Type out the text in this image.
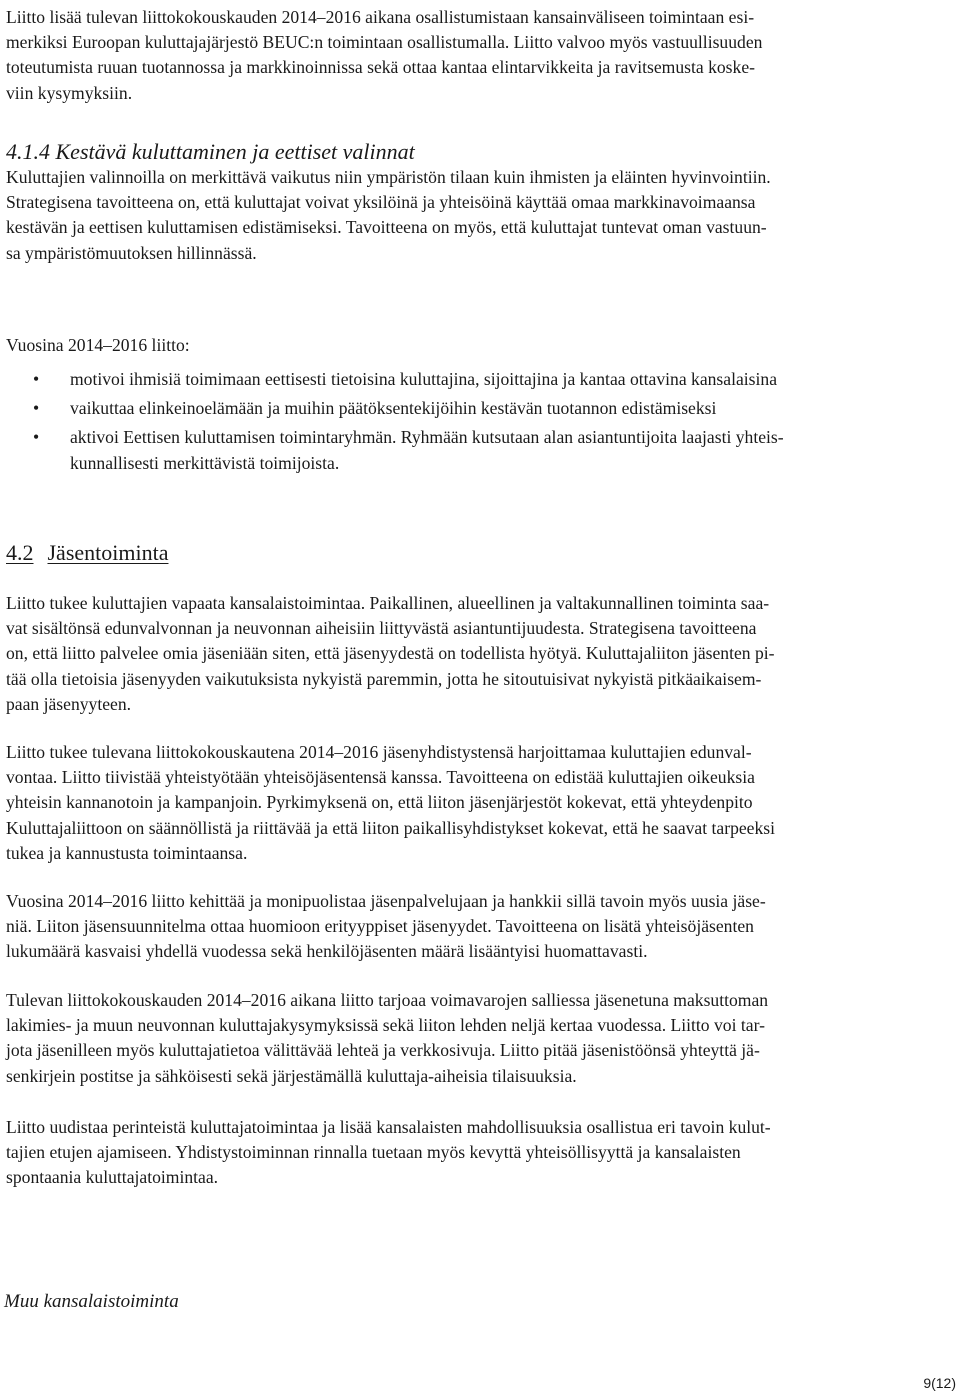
Liitto lisää tulevan liittokokouskauden 2014–2016 aikana osallistumistaan kansainväliseen toimintaan esi-

merkiksi Euroopan kuluttajajärjestö BEUC:n toimintaan osallistumalla. Liitto valvoo myös vastuullisuuden

toteutumista ruuan tuotannossa ja markkinoinnissa sekä ottaa kantaa elintarvikkeita ja ravitsemusta koske-

viin kysymyksiin.

4.1.4 Kestävä kuluttaminen ja eettiset valinnat

Kuluttajien valinnoilla on merkittävä vaikutus niin ympäristön tilaan kuin ihmisten ja eläinten hyvinvointiin.

Strategisena tavoitteena on, että kuluttajat voivat yksilöinä ja yhteisöinä käyttää omaa markkinavoimaansa

kestävän ja eettisen kuluttamisen edistämiseksi. Tavoitteena on myös, että kuluttajat tuntevat oman vastuun-

sa ympäristömuutoksen hillinnässä.

Vuosina 2014–2016 liitto:

• motivoi ihmisiä toimimaan eettisesti tietoisina kuluttajina, sijoittajina ja kantaa ottavina kansalaisina

• vaikuttaa elinkeinoelämään ja muihin päätöksentekijöihin kestävän tuotannon edistämiseksi

• aktivoi Eettisen kuluttamisen toimintaryhmän. Ryhmään kutsutaan alan asiantuntijoita laajasti yhteis-

kunnallisesti merkittävistä toimijoista.

4.2 Jäsentoiminta

Liitto tukee kuluttajien vapaata kansalaistoimintaa. Paikallinen, alueellinen ja valtakunnallinen toiminta saa-

vat sisältönsä edunvalvonnan ja neuvonnan aiheisiin liittyvästä asiantuntijuudesta. Strategisena tavoitteena

on, että liitto palvelee omia jäseniään siten, että jäsenyydestä on todellista hyötyä. Kuluttajaliiton jäsenten pi-

tää olla tietoisia jäsenyyden vaikutuksista nykyistä paremmin, jotta he sitoutuisivat nykyistä pitkäaikaisem-

paan jäsenyyteen.

Liitto tukee tulevana liittokokouskautena 2014–2016 jäsenyhdistystensä harjoittamaa kuluttajien edunval-

vontaa. Liitto tiivistää yhteistyötään yhteisöjäsentensä kanssa. Tavoitteena on edistää kuluttajien oikeuksia

yhteisin kannanotoin ja kampanjoin. Pyrkimyksenä on, että liiton jäsenjärjestöt kokevat, että yhteydenpito

Kuluttajaliittoon on säännöllistä ja riittävää ja että liiton paikallisyhdistykset kokevat, että he saavat tarpeeksi

tukea ja kannustusta toimintaansa.

Vuosina 2014–2016 liitto kehittää ja monipuolistaa jäsenpalvelujaan ja hankkii sillä tavoin myös uusia jäse-

niä. Liiton jäsensuunnitelma ottaa huomioon erityyppiset jäsenyydet. Tavoitteena on lisätä yhteisöjäsenten

lukumäärä kasvaisi yhdellä vuodessa sekä henkilöjäsenten määrä lisääntyisi huomattavasti.

Tulevan liittokokouskauden 2014–2016 aikana liitto tarjoaa voimavarojen salliessa jäsenetuna maksuttoman

lakimies- ja muun neuvonnan kuluttajakysymyksissä sekä liiton lehden neljä kertaa vuodessa. Liitto voi tar-

jota jäsenilleen myös kuluttajatietoa välittävää lehteä ja verkkosivuja. Liitto pitää jäsenistöönsä yhteyttä jä-

senkirjein postitse ja sähköisesti sekä järjestämällä kuluttaja-aiheisia tilaisuuksia.

Liitto uudistaa perinteistä kuluttajatoimintaa ja lisää kansalaisten mahdollisuuksia osallistua eri tavoin kulut-

tajien etujen ajamiseen. Yhdistystoiminnan rinnalla tuetaan myös kevyttä yhteisöllisyyttä ja kansalaisten

spontaania kuluttajatoimintaa.

Muu kansalaistoiminta

9(12)
